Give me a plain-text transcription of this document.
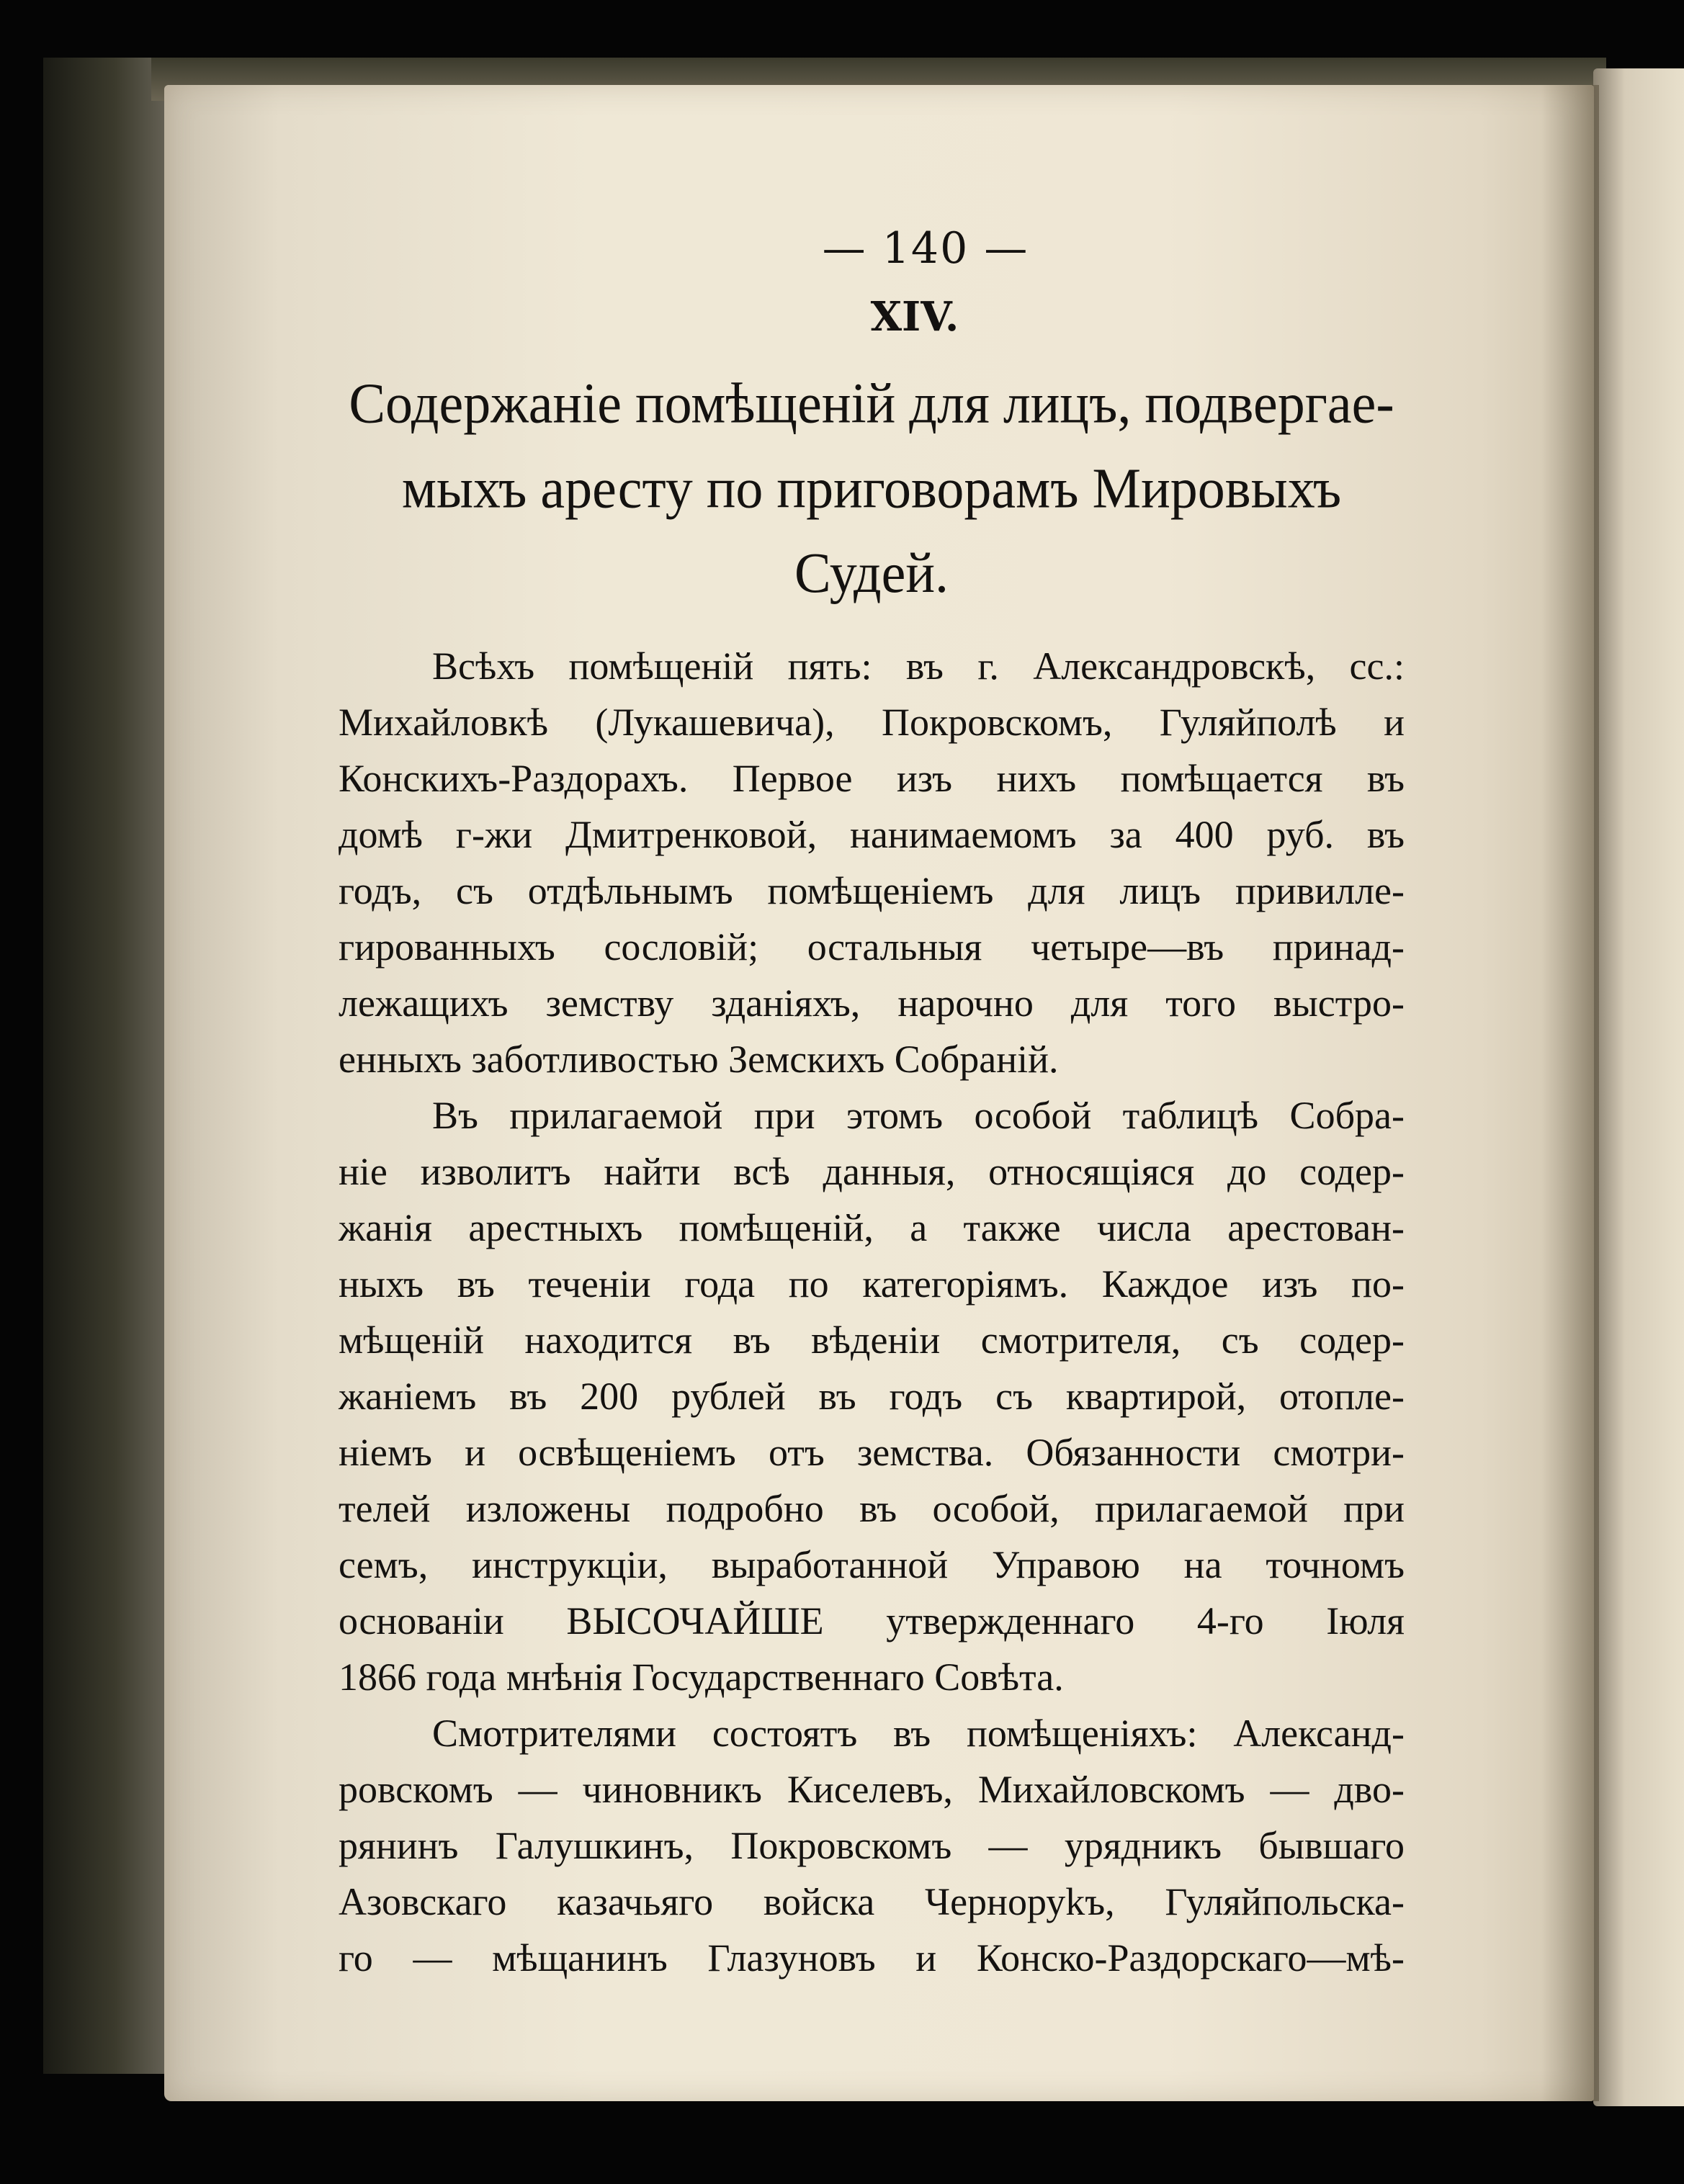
— 140 —
XIV.
Содержаніе помѣщеній для лицъ, подвергае-
мыхъ аресту по приговорамъ Мировыхъ
Судей.
Всѣхъ помѣщеній пять: въ г. Александровскѣ, сс.:
Михайловкѣ (Лукашевича), Покровскомъ, Гуляйполѣ и
Конскихъ-Раздорахъ. Первое изъ нихъ помѣщается въ
домѣ г-жи Дмитренковой, нанимаемомъ за 400 руб. въ
годъ, съ отдѣльнымъ помѣщеніемъ для лицъ привилле-
гированныхъ сословій; остальныя четыре—въ принад-
лежащихъ земству зданіяхъ, нарочно для того выстро-
енныхъ заботливостью Земскихъ Собраній.
Въ прилагаемой при этомъ особой таблицѣ Собра-
ніе изволитъ найти всѣ данныя, относящіяся до содер-
жанія арестныхъ помѣщеній, а также числа арестован-
ныхъ въ теченіи года по категоріямъ. Каждое изъ по-
мѣщеній находится въ вѣденіи смотрителя, съ содер-
жаніемъ въ 200 рублей въ годъ съ квартирой, отопле-
ніемъ и освѣщеніемъ отъ земства. Обязанности смотри-
телей изложены подробно въ особой, прилагаемой при
семъ, инструкціи, выработанной Управою на точномъ
основаніи ВЫСОЧАЙШЕ утвержденнаго 4-го Іюля
1866 года мнѣнія Государственнаго Совѣта.
Смотрителями состоятъ въ помѣщеніяхъ: Александ-
ровскомъ — чиновникъ Киселевъ, Михайловскомъ — дво-
рянинъ Галушкинъ, Покровскомъ — урядникъ бывшаго
Азовскаго казачьяго войска Черноруkъ, Гуляйпольска-
го — мѣщанинъ Глазуновъ и Конско-Раздорскаго—мѣ-
